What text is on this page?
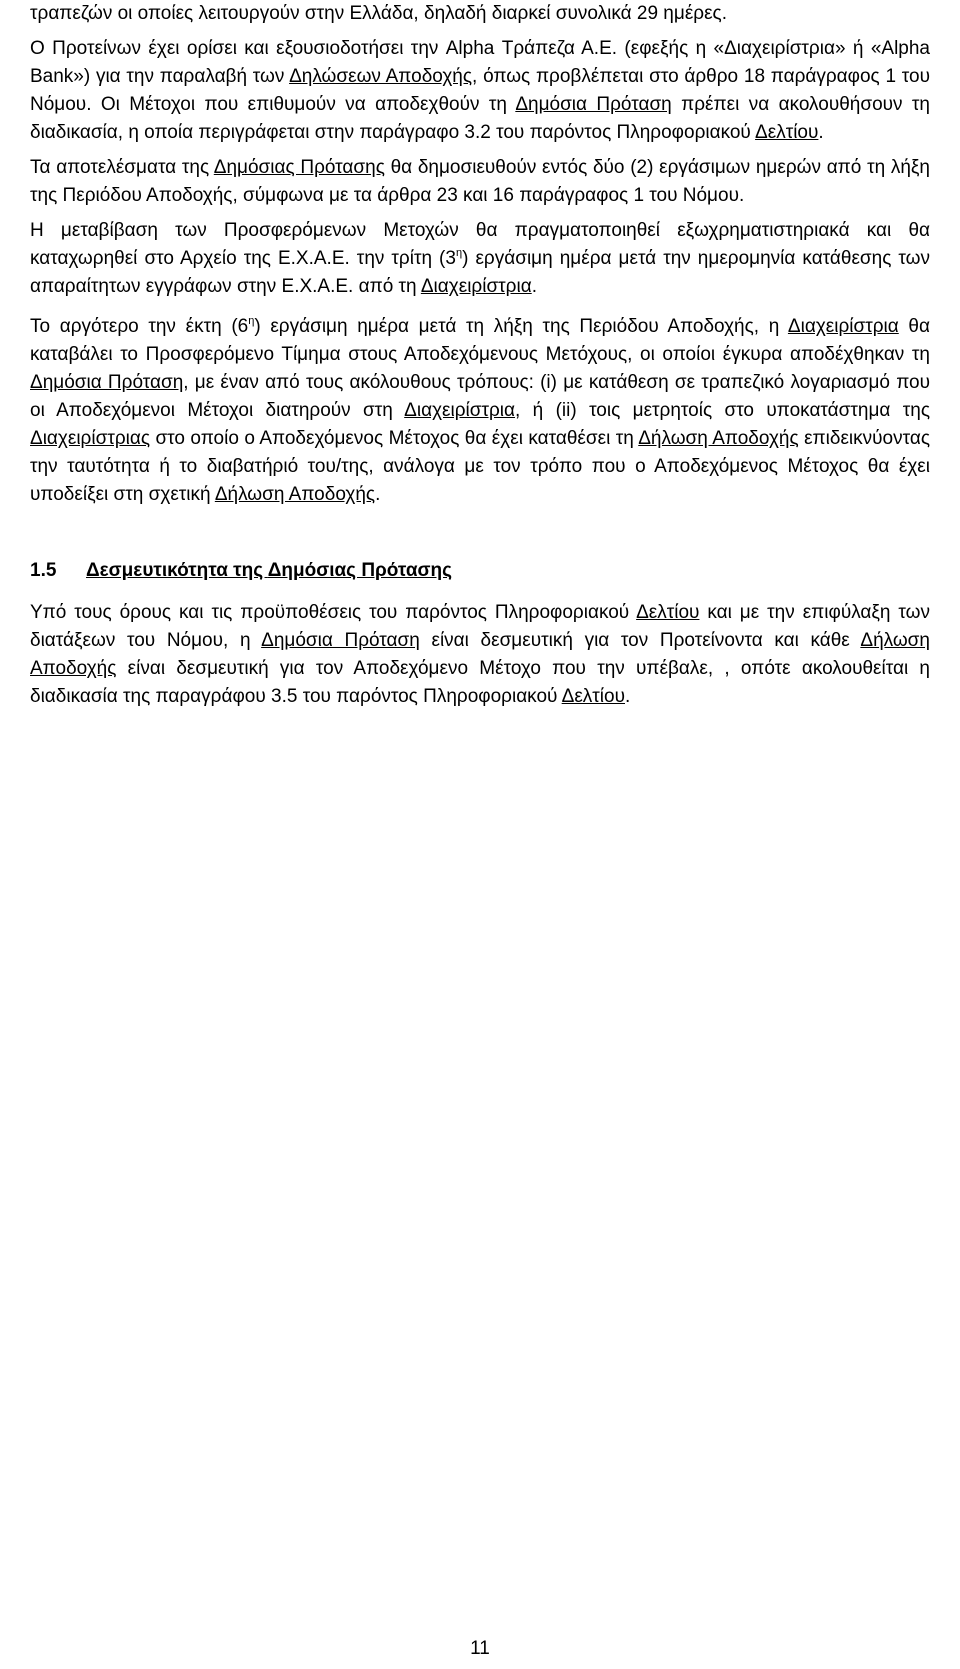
τραπεζών οι οποίες λειτουργούν στην Ελλάδα, δηλαδή διαρκεί συνολικά 29 ημέρες.

Ο Προτείνων έχει ορίσει και εξουσιοδοτήσει την Alpha Τράπεζα Α.Ε. (εφεξής η «Διαχειρίστρια» ή «Alpha Bank») για την παραλαβή των Δηλώσεων Αποδοχής, όπως προβλέπεται στο άρθρο 18 παράγραφος 1 του Νόμου. Οι Μέτοχοι που επιθυμούν να αποδεχθούν τη Δημόσια Πρόταση πρέπει να ακολουθήσουν τη διαδικασία, η οποία περιγράφεται στην παράγραφο 3.2 του παρόντος Πληροφοριακού Δελτίου.

Τα αποτελέσματα της Δημόσιας Πρότασης θα δημοσιευθούν εντός δύο (2) εργάσιμων ημερών από τη λήξη της Περιόδου Αποδοχής, σύμφωνα με τα άρθρα 23 και 16 παράγραφος 1 του Νόμου.

Η μεταβίβαση των Προσφερόμενων Μετοχών θα πραγματοποιηθεί εξωχρηματιστηριακά και θα καταχωρηθεί στο Αρχείο της Ε.Χ.Α.Ε. την τρίτη $(3^\eta)$ εργάσιμη ημέρα μετά την ημερομηνία κατάθεσης των απαραίτητων εγγράφων στην Ε.Χ.Α.Ε. από τη Διαχειρίστρια.

Το αργότερο την έκτη $(6^\eta)$ εργάσιμη ημέρα μετά τη λήξη της Περιόδου Αποδοχής, η Διαχειρίστρια θα καταβάλει το Προσφερόμενο Τίμημα στους Αποδεχόμενους Μετόχους, οι οποίοι έγκυρα αποδέχθηκαν τη Δημόσια Πρόταση, με έναν από τους ακόλουθους τρόπους: (i) με κατάθεση σε τραπεζικό λογαριασμό που οι Αποδεχόμενοι Μέτοχοι διατηρούν στη Διαχειρίστρια, ή (ii) τοις μετρητοίς στο υποκατάστημα της Διαχειρίστριας στο οποίο ο Αποδεχόμενος Μέτοχος θα έχει καταθέσει τη Δήλωση Αποδοχής επιδεικνύοντας την ταυτότητα ή το διαβατήριό του/της, ανάλογα με τον τρόπο που ο Αποδεχόμενος Μέτοχος θα έχει υποδείξει στη σχετική Δήλωση Αποδοχής.

1.5	Δεσμευτικότητα της Δημόσιας Πρότασης

Υπό τους όρους και τις προϋποθέσεις του παρόντος Πληροφοριακού Δελτίου και με την επιφύλαξη των διατάξεων του Νόμου, η Δημόσια Πρόταση είναι δεσμευτική για τον Προτείνοντα και κάθε Δήλωση Αποδοχής είναι δεσμευτική για τον Αποδεχόμενο Μέτοχο που την υπέβαλε, , οπότε ακολουθείται η διαδικασία της παραγράφου 3.5 του παρόντος Πληροφοριακού Δελτίου.

11
